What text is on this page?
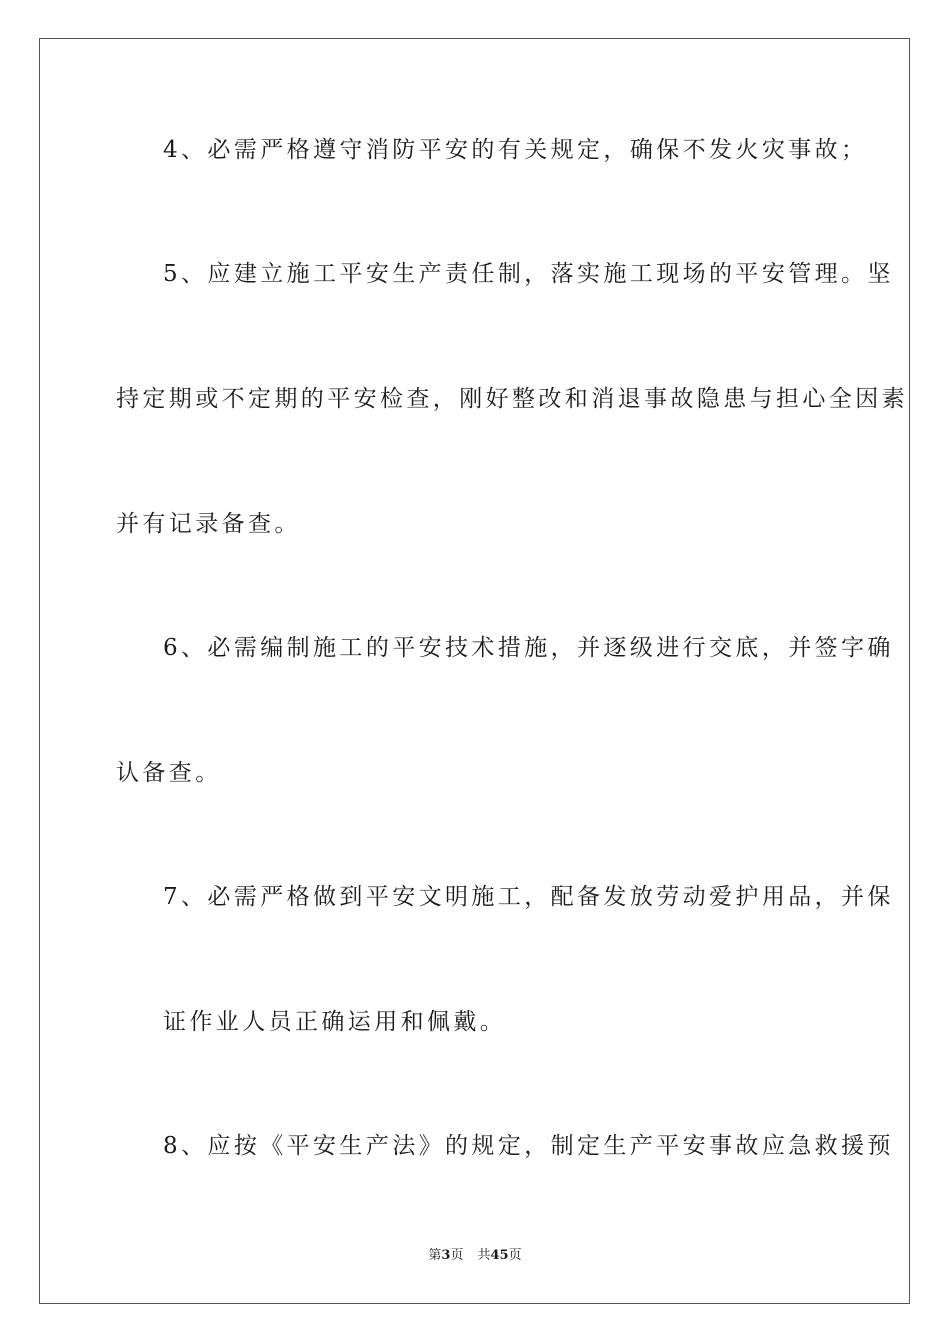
4、必需严格遵守消防平安的有关规定，确保不发火灾事故；
5、应建立施工平安生产责任制，落实施工现场的平安管理。坚
持定期或不定期的平安检查，刚好整改和消退事故隐患与担心全因素
并有记录备查。
6、必需编制施工的平安技术措施，并逐级进行交底，并签字确
认备查。
7、必需严格做到平安文明施工，配备发放劳动爱护用品，并保
证作业人员正确运用和佩戴。
8、应按《平安生产法》的规定，制定生产平安事故应急救援预
第3页 共45页
